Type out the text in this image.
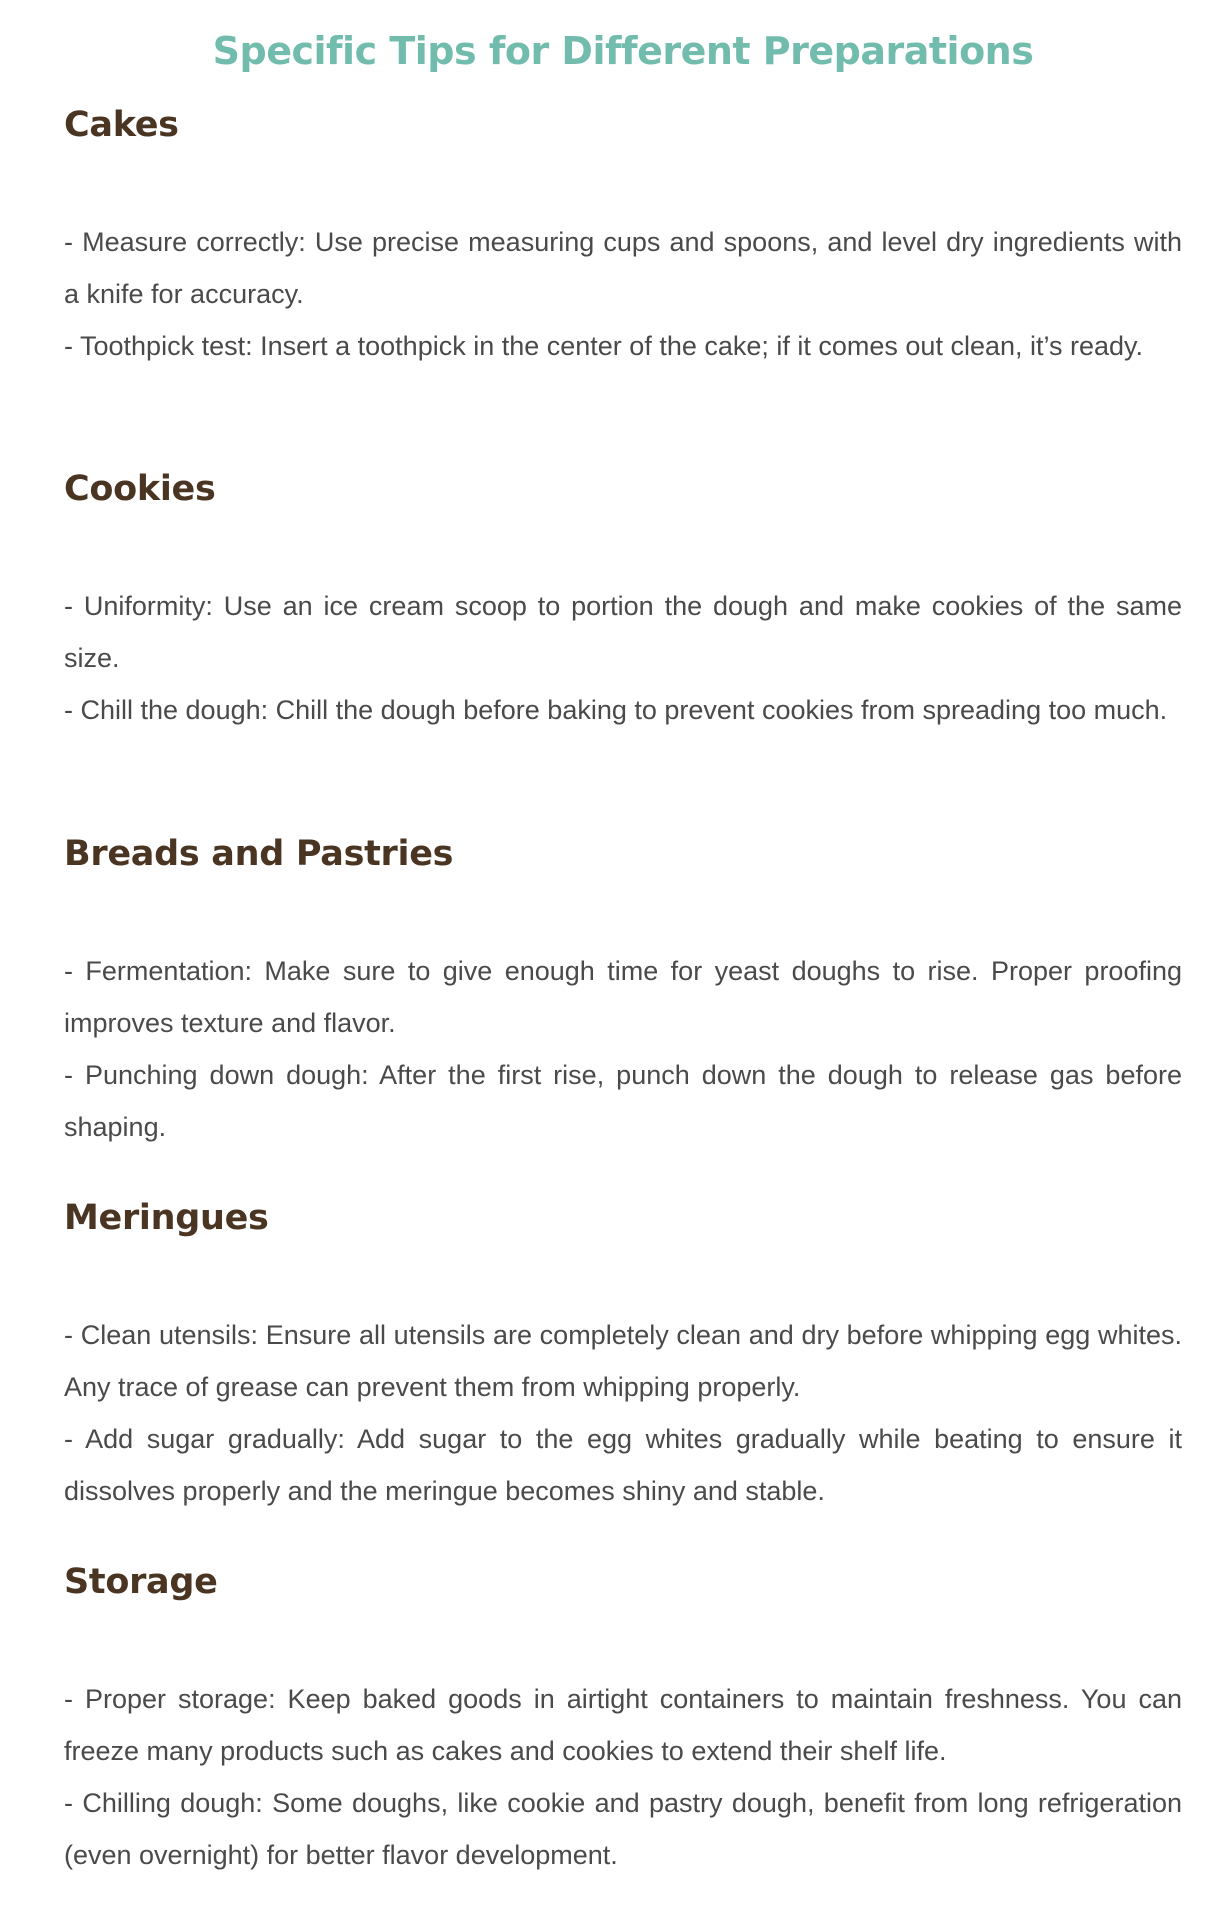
Specific Tips for Different Preparations
Cakes

- Measure correctly: Use precise measuring cups and spoons, and level dry ingredients with a knife for accuracy.

- Toothpick test: Insert a toothpick in the center of the cake; if it comes out clean, it’s ready.

Cookies

- Uniformity: Use an ice cream scoop to portion the dough and make cookies of the same size.

- Chill the dough: Chill the dough before baking to prevent cookies from spreading too much.

Breads and Pastries

- Fermentation: Make sure to give enough time for yeast doughs to rise. Proper proofing improves texture and flavor.

- Punching down dough: After the first rise, punch down the dough to release gas before shaping.

Meringues

- Clean utensils: Ensure all utensils are completely clean and dry before whipping egg whites. Any trace of grease can prevent them from whipping properly.

- Add sugar gradually: Add sugar to the egg whites gradually while beating to ensure it dissolves properly and the meringue becomes shiny and stable.

Storage

- Proper storage: Keep baked goods in airtight containers to maintain freshness. You can freeze many products such as cakes and cookies to extend their shelf life.

- Chilling dough: Some doughs, like cookie and pastry dough, benefit from long refrigeration (even overnight) for better flavor development.
